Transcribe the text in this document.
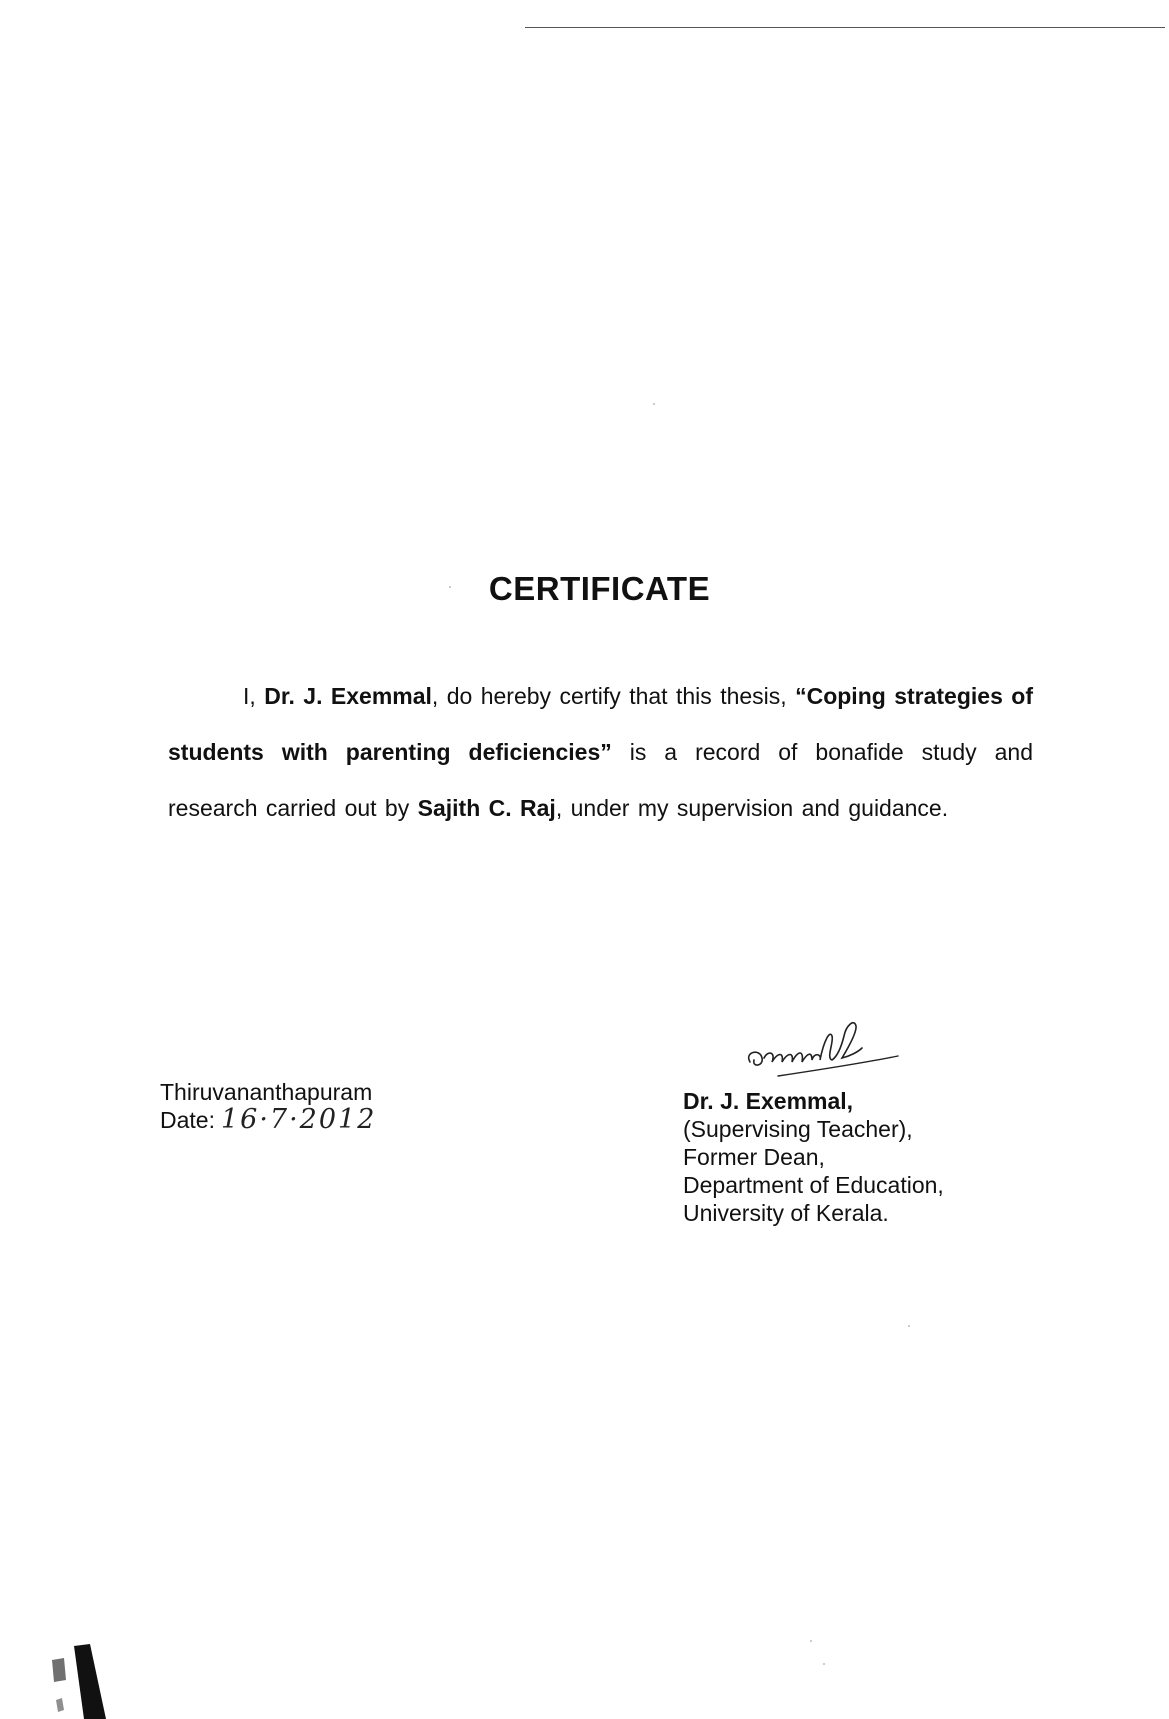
CERTIFICATE
I, Dr. J. Exemmal, do hereby certify that this thesis, “Coping strategies of students with parenting deficiencies” is a record of bonafide study and research carried out by Sajith C. Raj, under my supervision and guidance.
Thiruvananthapuram
Date: 16·7·2012
Dr. J. Exemmal,
(Supervising Teacher),
Former Dean,
Department of Education,
University of Kerala.
